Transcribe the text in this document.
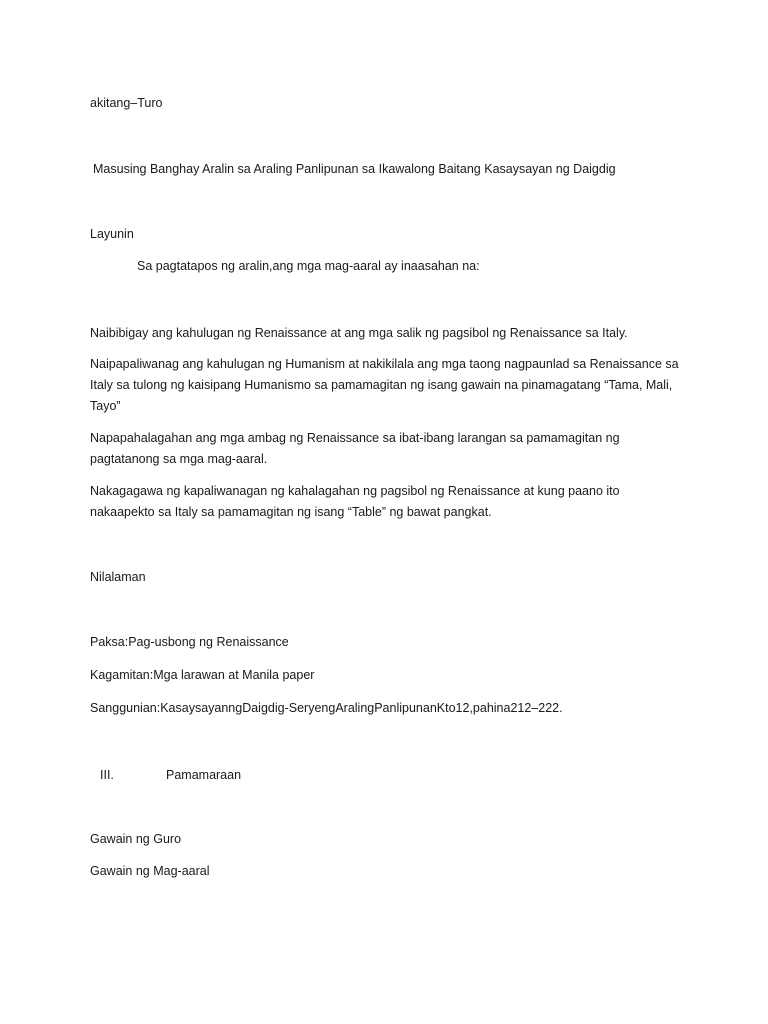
akitang–Turo

Masusing Banghay Aralin sa Araling Panlipunan sa Ikawalong Baitang Kasaysayan ng Daigdig

Layunin

Sa pagtatapos ng aralin,ang mga mag-aaral ay inaasahan na:

Naibibigay ang kahulugan ng Renaissance at ang mga salik ng pagsibol ng Renaissance sa Italy.

Naipapaliwanag ang kahulugan ng Humanism at nakikilala ang mga taong nagpaunlad sa Renaissance sa Italy sa tulong ng kaisipang Humanismo sa pamamagitan ng isang gawain na pinamagatang “Tama, Mali, Tayo”

Napapahalagahan ang mga ambag ng Renaissance sa ibat-ibang larangan sa pamamagitan ng pagtatanong sa mga mag-aaral.

Nakagagawa ng kapaliwanagan ng kahalagahan ng pagsibol ng Renaissance at kung paano ito nakaapekto sa Italy sa pamamagitan ng isang “Table” ng bawat pangkat.

Nilalaman

Paksa:Pag-usbong ng Renaissance

Kagamitan:Mga larawan at Manila paper

Sanggunian:KasaysayanngDaigdig-SeryengAralingPanlipunanKto12,pahina212–222.

III.	Pamamaraan

Gawain ng Guro

Gawain ng Mag-aaral
